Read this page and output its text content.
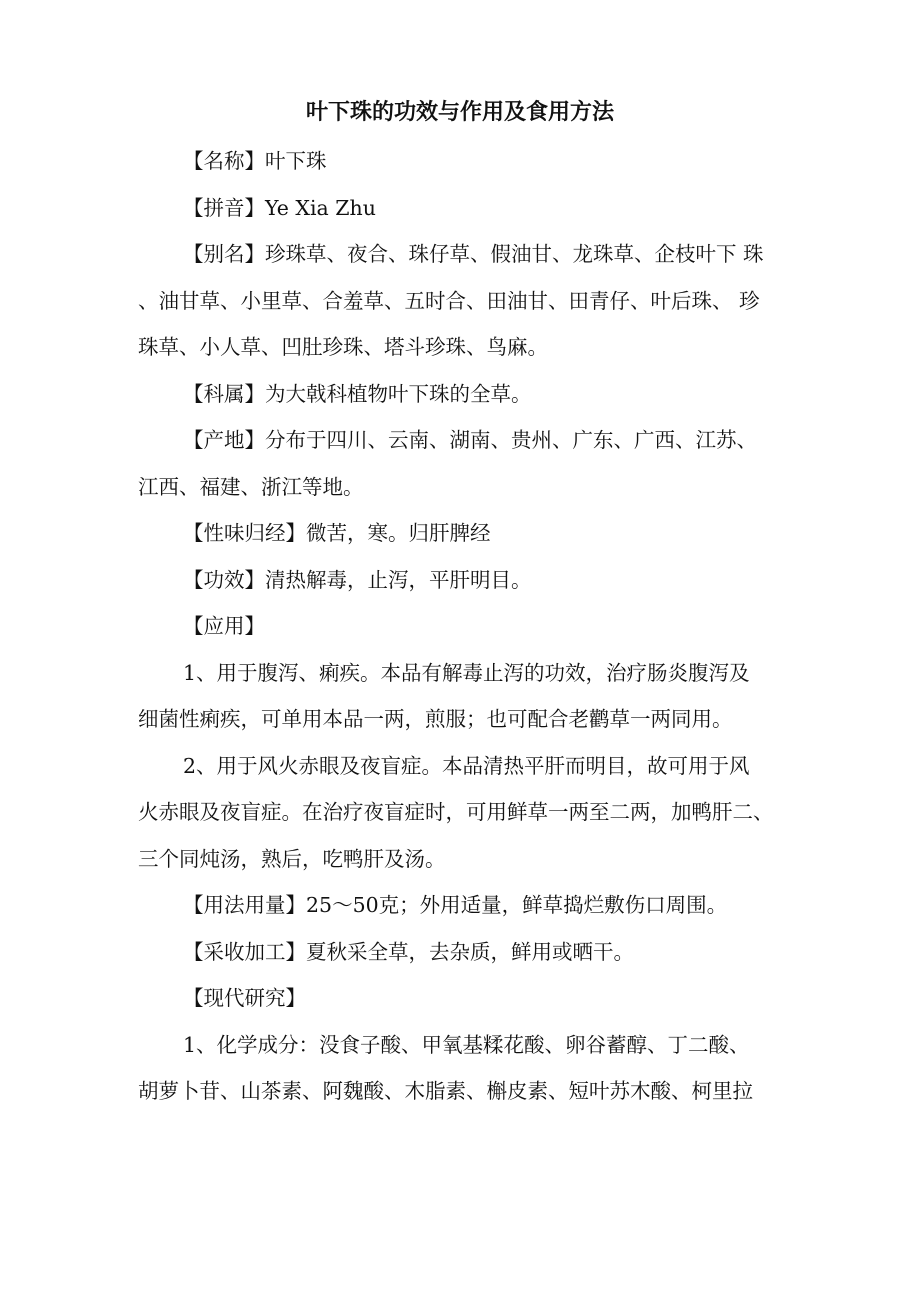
叶下珠的功效与作用及食用方法
【名称】叶下珠
【拼音】Ye Xia Zhu
【别名】珍珠草、夜合、珠仔草、假油甘、龙珠草、企枝叶下 珠
、油甘草、小里草、合羞草、五时合、田油甘、田青仔、叶后珠、 珍
珠草、小人草、凹肚珍珠、塔斗珍珠、鸟麻。
【科属】为大戟科植物叶下珠的全草。
【产地】分布于四川、云南、湖南、贵州、广东、广西、江苏、
江西、福建、浙江等地。
【性味归经】微苦，寒。归肝脾经
【功效】清热解毒，止泻，平肝明目。
【应用】
1、用于腹泻、痢疾。本品有解毒止泻的功效，治疗肠炎腹泻及
细菌性痢疾，可单用本品一两，煎服；也可配合老鹳草一两同用。
2、用于风火赤眼及夜盲症。本品清热平肝而明目，故可用于风
火赤眼及夜盲症。在治疗夜盲症时，可用鲜草一两至二两，加鸭肝二、
三个同炖汤，熟后，吃鸭肝及汤。
【用法用量】25〜50克；外用适量，鲜草捣烂敷伤口周围。
【采收加工】夏秋采全草，去杂质，鲜用或晒干。
【现代研究】
1、化学成分：没食子酸、甲氧基糅花酸、卵谷蓄醇、丁二酸、
胡萝卜苷、山茶素、阿魏酸、木脂素、槲皮素、短叶苏木酸、柯里拉
